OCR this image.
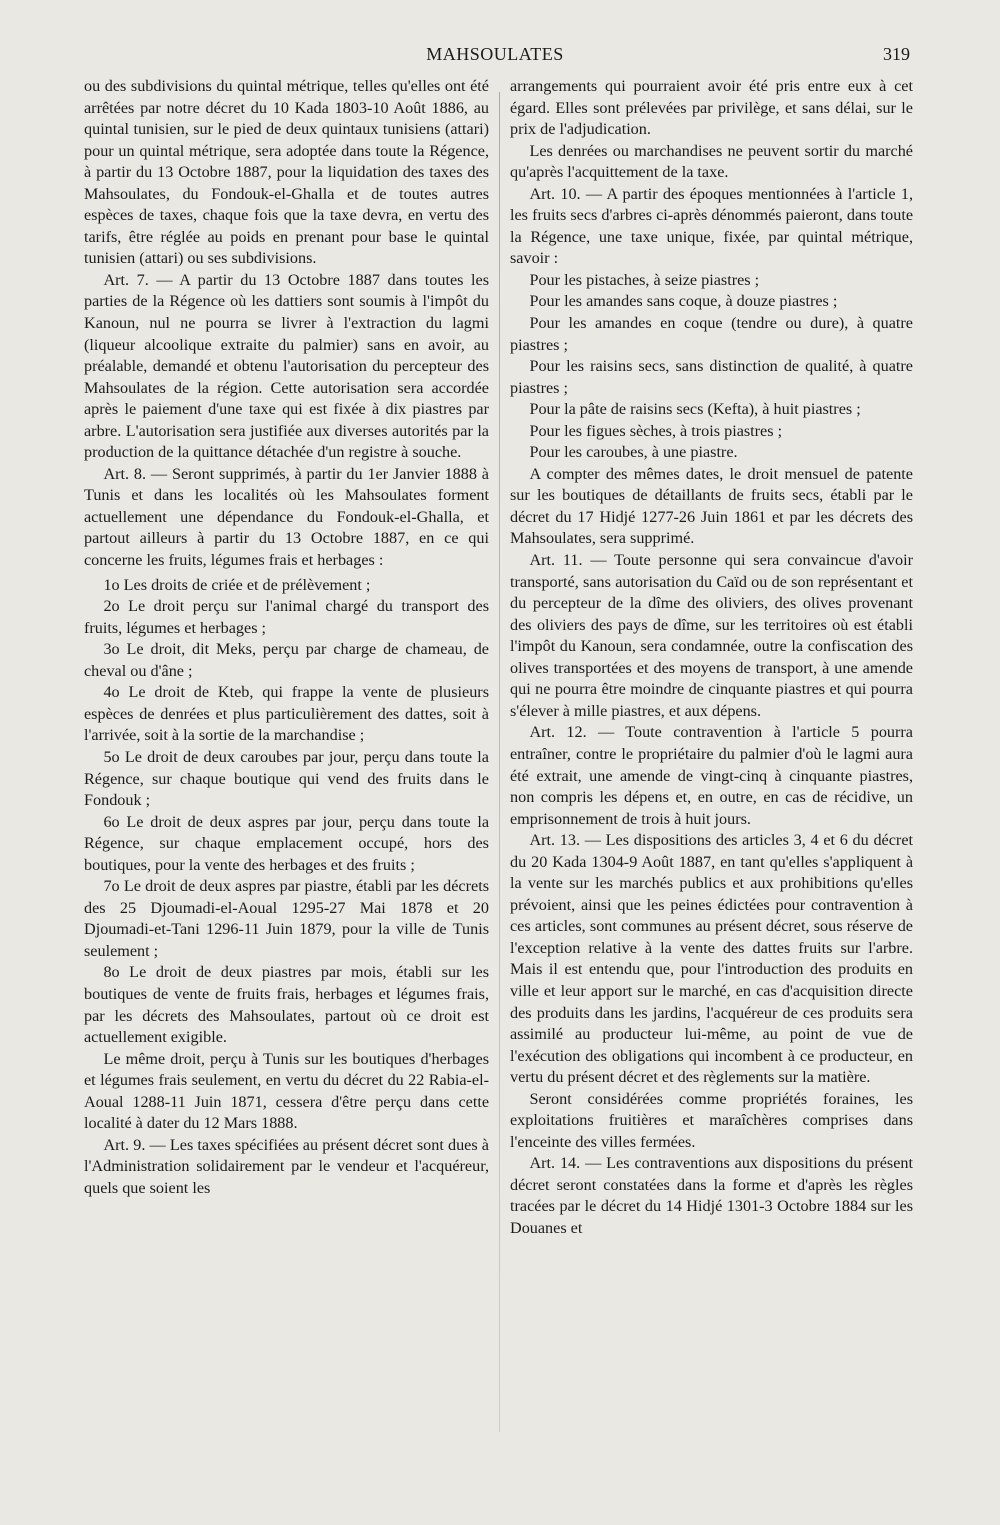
MAHSOULATES	319

ou des subdivisions du quintal métrique, telles qu'elles ont été arrêtées par notre décret du 10 Kada 1803-10 Août 1886, au quintal tunisien, sur le pied de deux quintaux tunisiens (attari) pour un quintal métrique, sera adoptée dans toute la Régence, à partir du 13 Octobre 1887, pour la liquidation des taxes des Mahsoulates, du Fondouk-el-Ghalla et de toutes autres espèces de taxes, chaque fois que la taxe devra, en vertu des tarifs, être réglée au poids en prenant pour base le quintal tunisien (attari) ou ses subdivisions.

Art. 7. — A partir du 13 Octobre 1887 dans toutes les parties de la Régence où les dattiers sont soumis à l'impôt du Kanoun, nul ne pourra se livrer à l'extraction du lagmi (liqueur alcoolique extraite du palmier) sans en avoir, au préalable, demandé et obtenu l'autorisation du percepteur des Mahsoulates de la région. Cette autorisation sera accordée après le paiement d'une taxe qui est fixée à dix piastres par arbre. L'autorisation sera justifiée aux diverses autorités par la production de la quittance détachée d'un registre à souche.

Art. 8. — Seront supprimés, à partir du 1er Janvier 1888 à Tunis et dans les localités où les Mahsoulates forment actuellement une dépendance du Fondouk-el-Ghalla, et partout ailleurs à partir du 13 Octobre 1887, en ce qui concerne les fruits, légumes frais et herbages :

1o Les droits de criée et de prélèvement ;

2o Le droit perçu sur l'animal chargé du transport des fruits, légumes et herbages ;

3o Le droit, dit Meks, perçu par charge de chameau, de cheval ou d'âne ;

4o Le droit de Kteb, qui frappe la vente de plusieurs espèces de denrées et plus particulièrement des dattes, soit à l'arrivée, soit à la sortie de la marchandise ;

5o Le droit de deux caroubes par jour, perçu dans toute la Régence, sur chaque boutique qui vend des fruits dans le Fondouk ;

6o Le droit de deux aspres par jour, perçu dans toute la Régence, sur chaque emplacement occupé, hors des boutiques, pour la vente des herbages et des fruits ;

7o Le droit de deux aspres par piastre, établi par les décrets des 25 Djoumadi-el-Aoual 1295-27 Mai 1878 et 20 Djoumadi-et-Tani 1296-11 Juin 1879, pour la ville de Tunis seulement ;

8o Le droit de deux piastres par mois, établi sur les boutiques de vente de fruits frais, herbages et légumes frais, par les décrets des Mahsoulates, partout où ce droit est actuellement exigible.

Le même droit, perçu à Tunis sur les boutiques d'herbages et légumes frais seulement, en vertu du décret du 22 Rabia-el-Aoual 1288-11 Juin 1871, cessera d'être perçu dans cette localité à dater du 12 Mars 1888.

Art. 9. — Les taxes spécifiées au présent décret sont dues à l'Administration solidairement par le vendeur et l'acquéreur, quels que soient les

arrangements qui pourraient avoir été pris entre eux à cet égard. Elles sont prélevées par privilège, et sans délai, sur le prix de l'adjudication.

Les denrées ou marchandises ne peuvent sortir du marché qu'après l'acquittement de la taxe.

Art. 10. — A partir des époques mentionnées à l'article 1, les fruits secs d'arbres ci-après dénommés paieront, dans toute la Régence, une taxe unique, fixée, par quintal métrique, savoir :

Pour les pistaches, à seize piastres ;

Pour les amandes sans coque, à douze piastres ;

Pour les amandes en coque (tendre ou dure), à quatre piastres ;

Pour les raisins secs, sans distinction de qualité, à quatre piastres ;

Pour la pâte de raisins secs (Kefta), à huit piastres ;

Pour les figues sèches, à trois piastres ;

Pour les caroubes, à une piastre.

A compter des mêmes dates, le droit mensuel de patente sur les boutiques de détaillants de fruits secs, établi par le décret du 17 Hidjé 1277-26 Juin 1861 et par les décrets des Mahsoulates, sera supprimé.

Art. 11. — Toute personne qui sera convaincue d'avoir transporté, sans autorisation du Caïd ou de son représentant et du percepteur de la dîme des oliviers, des olives provenant des oliviers des pays de dîme, sur les territoires où est établi l'impôt du Kanoun, sera condamnée, outre la confiscation des olives transportées et des moyens de transport, à une amende qui ne pourra être moindre de cinquante piastres et qui pourra s'élever à mille piastres, et aux dépens.

Art. 12. — Toute contravention à l'article 5 pourra entraîner, contre le propriétaire du palmier d'où le lagmi aura été extrait, une amende de vingt-cinq à cinquante piastres, non compris les dépens et, en outre, en cas de récidive, un emprisonnement de trois à huit jours.

Art. 13. — Les dispositions des articles 3, 4 et 6 du décret du 20 Kada 1304-9 Août 1887, en tant qu'elles s'appliquent à la vente sur les marchés publics et aux prohibitions qu'elles prévoient, ainsi que les peines édictées pour contravention à ces articles, sont communes au présent décret, sous réserve de l'exception relative à la vente des dattes fruits sur l'arbre. Mais il est entendu que, pour l'introduction des produits en ville et leur apport sur le marché, en cas d'acquisition directe des produits dans les jardins, l'acquéreur de ces produits sera assimilé au producteur lui-même, au point de vue de l'exécution des obligations qui incombent à ce producteur, en vertu du présent décret et des règlements sur la matière.

Seront considérées comme propriétés foraines, les exploitations fruitières et maraîchères comprises dans l'enceinte des villes fermées.

Art. 14. — Les contraventions aux dispositions du présent décret seront constatées dans la forme et d'après les règles tracées par le décret du 14 Hidjé 1301-3 Octobre 1884 sur les Douanes et
